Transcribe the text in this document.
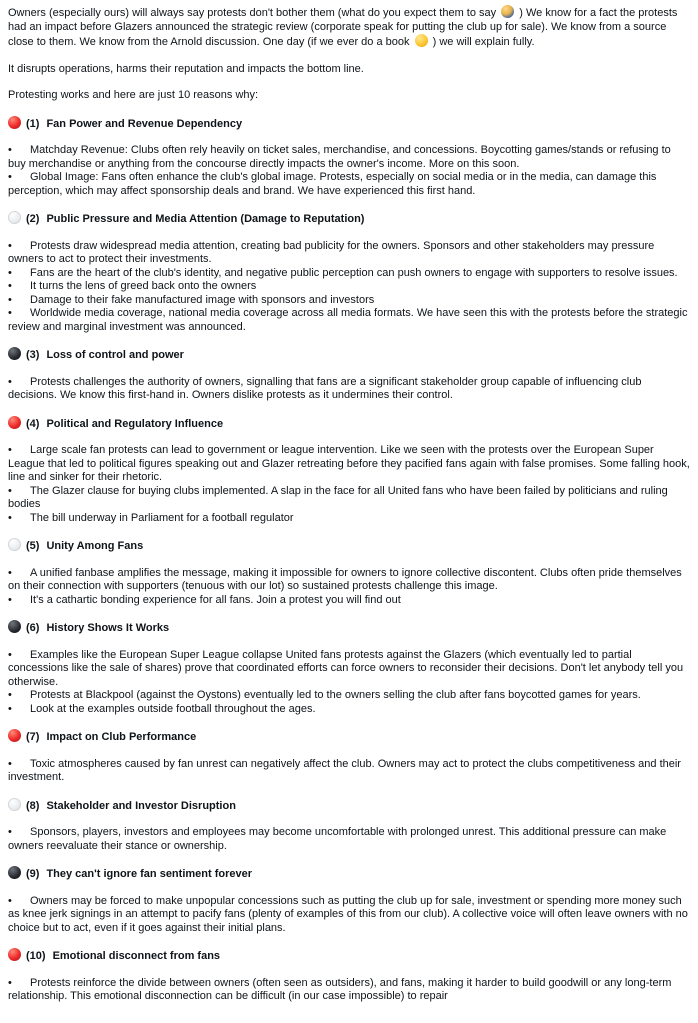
Owners (especially ours) will always say protests don't bother them (what do you expect them to say  ) We know for a fact the protests had an impact before Glazers announced the strategic review (corporate speak for putting the club up for sale). We know from a source close to them. We know from the Arnold discussion. One day (if we ever do a book  ) we will explain fully.

It disrupts operations, harms their reputation and impacts the bottom line.

Protesting works and here are just 10 reasons why:

(1) Fan Power and Revenue Dependency

• Matchday Revenue: Clubs often rely heavily on ticket sales, merchandise, and concessions. Boycotting games/stands or refusing to buy merchandise or anything from the concourse directly impacts the owner's income. More on this soon.

• Global Image: Fans often enhance the club's global image. Protests, especially on social media or in the media, can damage this perception, which may affect sponsorship deals and brand. We have experienced this first hand.

(2) Public Pressure and Media Attention (Damage to Reputation)

• Protests draw widespread media attention, creating bad publicity for the owners. Sponsors and other stakeholders may pressure owners to act to protect their investments.

• Fans are the heart of the club's identity, and negative public perception can push owners to engage with supporters to resolve issues.

• It turns the lens of greed back onto the owners

• Damage to their fake manufactured image with sponsors and investors

• Worldwide media coverage, national media coverage across all media formats. We have seen this with the protests before the strategic review and marginal investment was announced.

(3) Loss of control and power

• Protests challenges the authority of owners, signalling that fans are a significant stakeholder group capable of influencing club decisions. We know this first-hand in. Owners dislike protests as it undermines their control.

(4) Political and Regulatory Influence

• Large scale fan protests can lead to government or league intervention. Like we seen with the protests over the European Super League that led to political figures speaking out and Glazer retreating before they pacified fans again with false promises. Some falling hook, line and sinker for their rhetoric.

• The Glazer clause for buying clubs implemented. A slap in the face for all United fans who have been failed by politicians and ruling bodies

• The bill underway in Parliament for a football regulator

(5) Unity Among Fans

• A unified fanbase amplifies the message, making it impossible for owners to ignore collective discontent. Clubs often pride themselves on their connection with supporters (tenuous with our lot) so sustained protests challenge this image.

• It's a cathartic bonding experience for all fans. Join a protest you will find out

(6) History Shows It Works

• Examples like the European Super League collapse United fans protests against the Glazers (which eventually led to partial concessions like the sale of shares) prove that coordinated efforts can force owners to reconsider their decisions. Don't let anybody tell you otherwise.

• Protests at Blackpool (against the Oystons) eventually led to the owners selling the club after fans boycotted games for years.

• Look at the examples outside football throughout the ages.

(7) Impact on Club Performance

• Toxic atmospheres caused by fan unrest can negatively affect the club. Owners may act to protect the clubs competitiveness and their investment.

(8) Stakeholder and Investor Disruption

• Sponsors, players, investors and employees may become uncomfortable with prolonged unrest. This additional pressure can make owners reevaluate their stance or ownership.

(9) They can't ignore fan sentiment forever

• Owners may be forced to make unpopular concessions such as putting the club up for sale, investment or spending more money such as knee jerk signings in an attempt to pacify fans (plenty of examples of this from our club). A collective voice will often leave owners with no choice but to act, even if it goes against their initial plans.

(10) Emotional disconnect from fans

• Protests reinforce the divide between owners (often seen as outsiders), and fans, making it harder to build goodwill or any long-term relationship. This emotional disconnection can be difficult (in our case impossible) to repair
